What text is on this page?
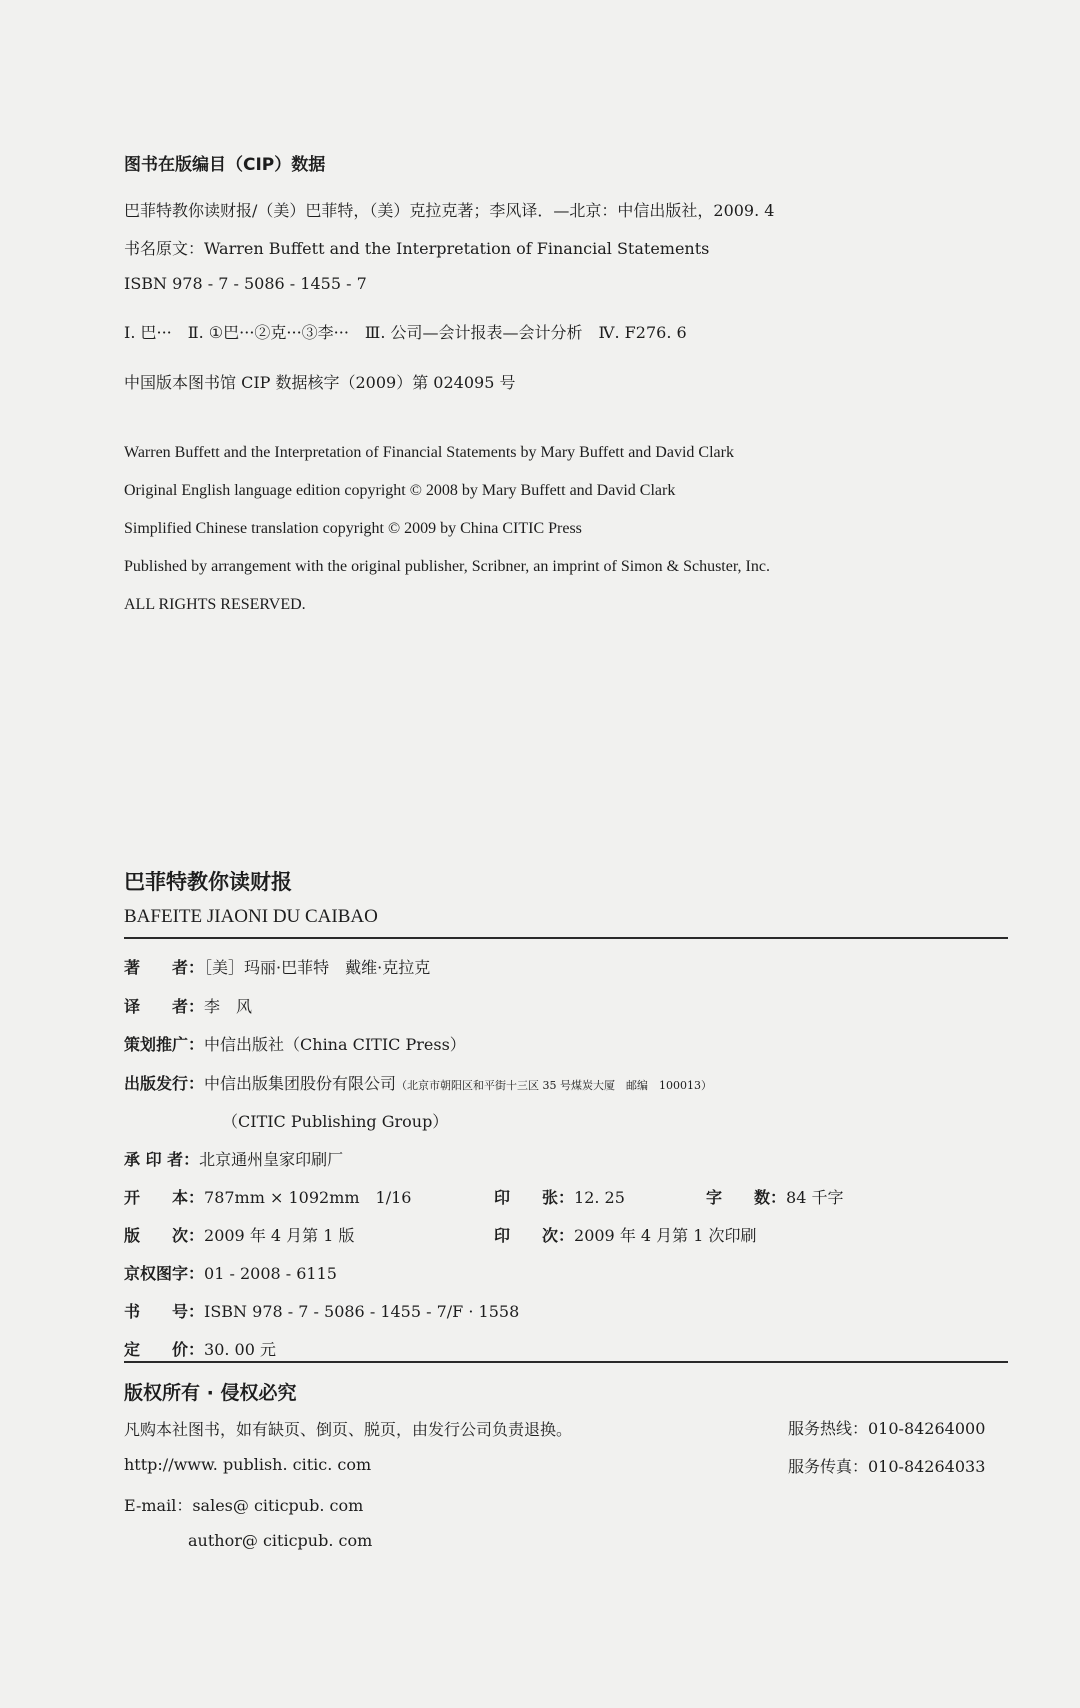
图书在版编目（CIP）数据
巴菲特教你读财报/（美）巴菲特，（美）克拉克著；李风译．—北京：中信出版社，2009. 4
书名原文：Warren Buffett and the Interpretation of Financial Statements
ISBN 978 - 7 - 5086 - 1455 - 7
Ⅰ. 巴···　Ⅱ. ①巴···②克···③李···　Ⅲ. 公司—会计报表—会计分析　Ⅳ. F276. 6
中国版本图书馆 CIP 数据核字（2009）第 024095 号
Warren Buffett and the Interpretation of Financial Statements by Mary Buffett and David Clark
Original English language edition copyright © 2008 by Mary Buffett and David Clark
Simplified Chinese translation copyright © 2009 by China CITIC Press
Published by arrangement with the original publisher, Scribner, an imprint of Simon & Schuster, Inc.
ALL RIGHTS RESERVED.
巴菲特教你读财报
BAFEITE JIAONI DU CAIBAO
著　　者：［美］玛丽·巴菲特　戴维·克拉克
译　　者：李　风
策划推广：中信出版社（China CITIC Press）
出版发行：中信出版集团股份有限公司（北京市朝阳区和平街十三区 35 号煤炭大厦　邮编　100013）
（CITIC Publishing Group）
承 印 者：北京通州皇家印刷厂
开　　本：787mm × 1092mm　1/16	印　　张：12. 25	字　　数：84 千字
版　　次：2009 年 4 月第 1 版	印　　次：2009 年 4 月第 1 次印刷
京权图字：01 - 2008 - 6115
书　　号：ISBN 978 - 7 - 5086 - 1455 - 7/F · 1558
定　　价：30. 00 元
版权所有 · 侵权必究
凡购本社图书，如有缺页、倒页、脱页，由发行公司负责退换。	服务热线：010-84264000
http://www. publish. citic. com	服务传真：010-84264033
E-mail：sales@ citicpub. com
author@ citicpub. com
